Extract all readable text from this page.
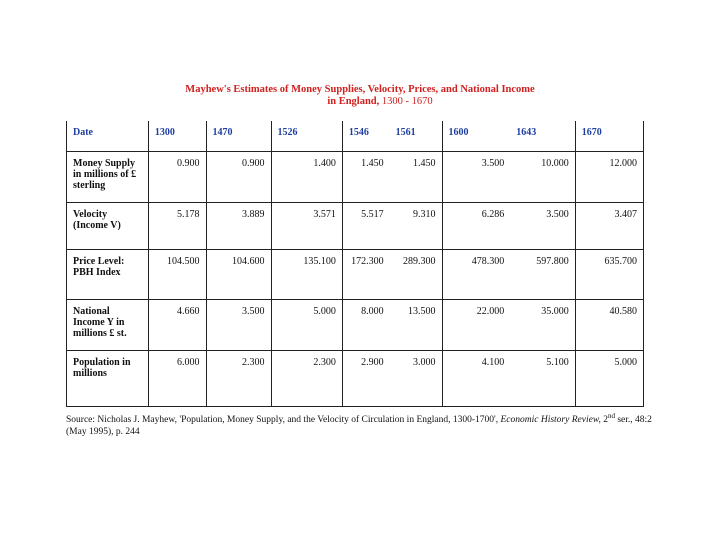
Mayhew's Estimates of Money Supplies, Velocity, Prices, and National Income
in England, 1300 - 1670
Date	1300	1470	1526	1546	1561	1600	1643	1670

Money Supply
in millions of £
sterling	0.900	0.900	1.400	1.450	1.450	3.500	10.000	12.000

Velocity
(Income V)	5.178	3.889	3.571	5.517	9.310	6.286	3.500	3.407

Price Level:
PBH Index	104.500	104.600	135.100	172.300	289.300	478.300	597.800	635.700

National
Income Y in
millions £ st.	4.660	3.500	5.000	8.000	13.500	22.000	35.000	40.580

Population in
millions	6.000	2.300	2.300	2.900	3.000	4.100	5.100	5.000
Source: Nicholas J. Mayhew, 'Population, Money Supply, and the Velocity of Circulation in England, 1300-1700', Economic History Review, 2nd ser., 48:2 (May 1995), p. 244
